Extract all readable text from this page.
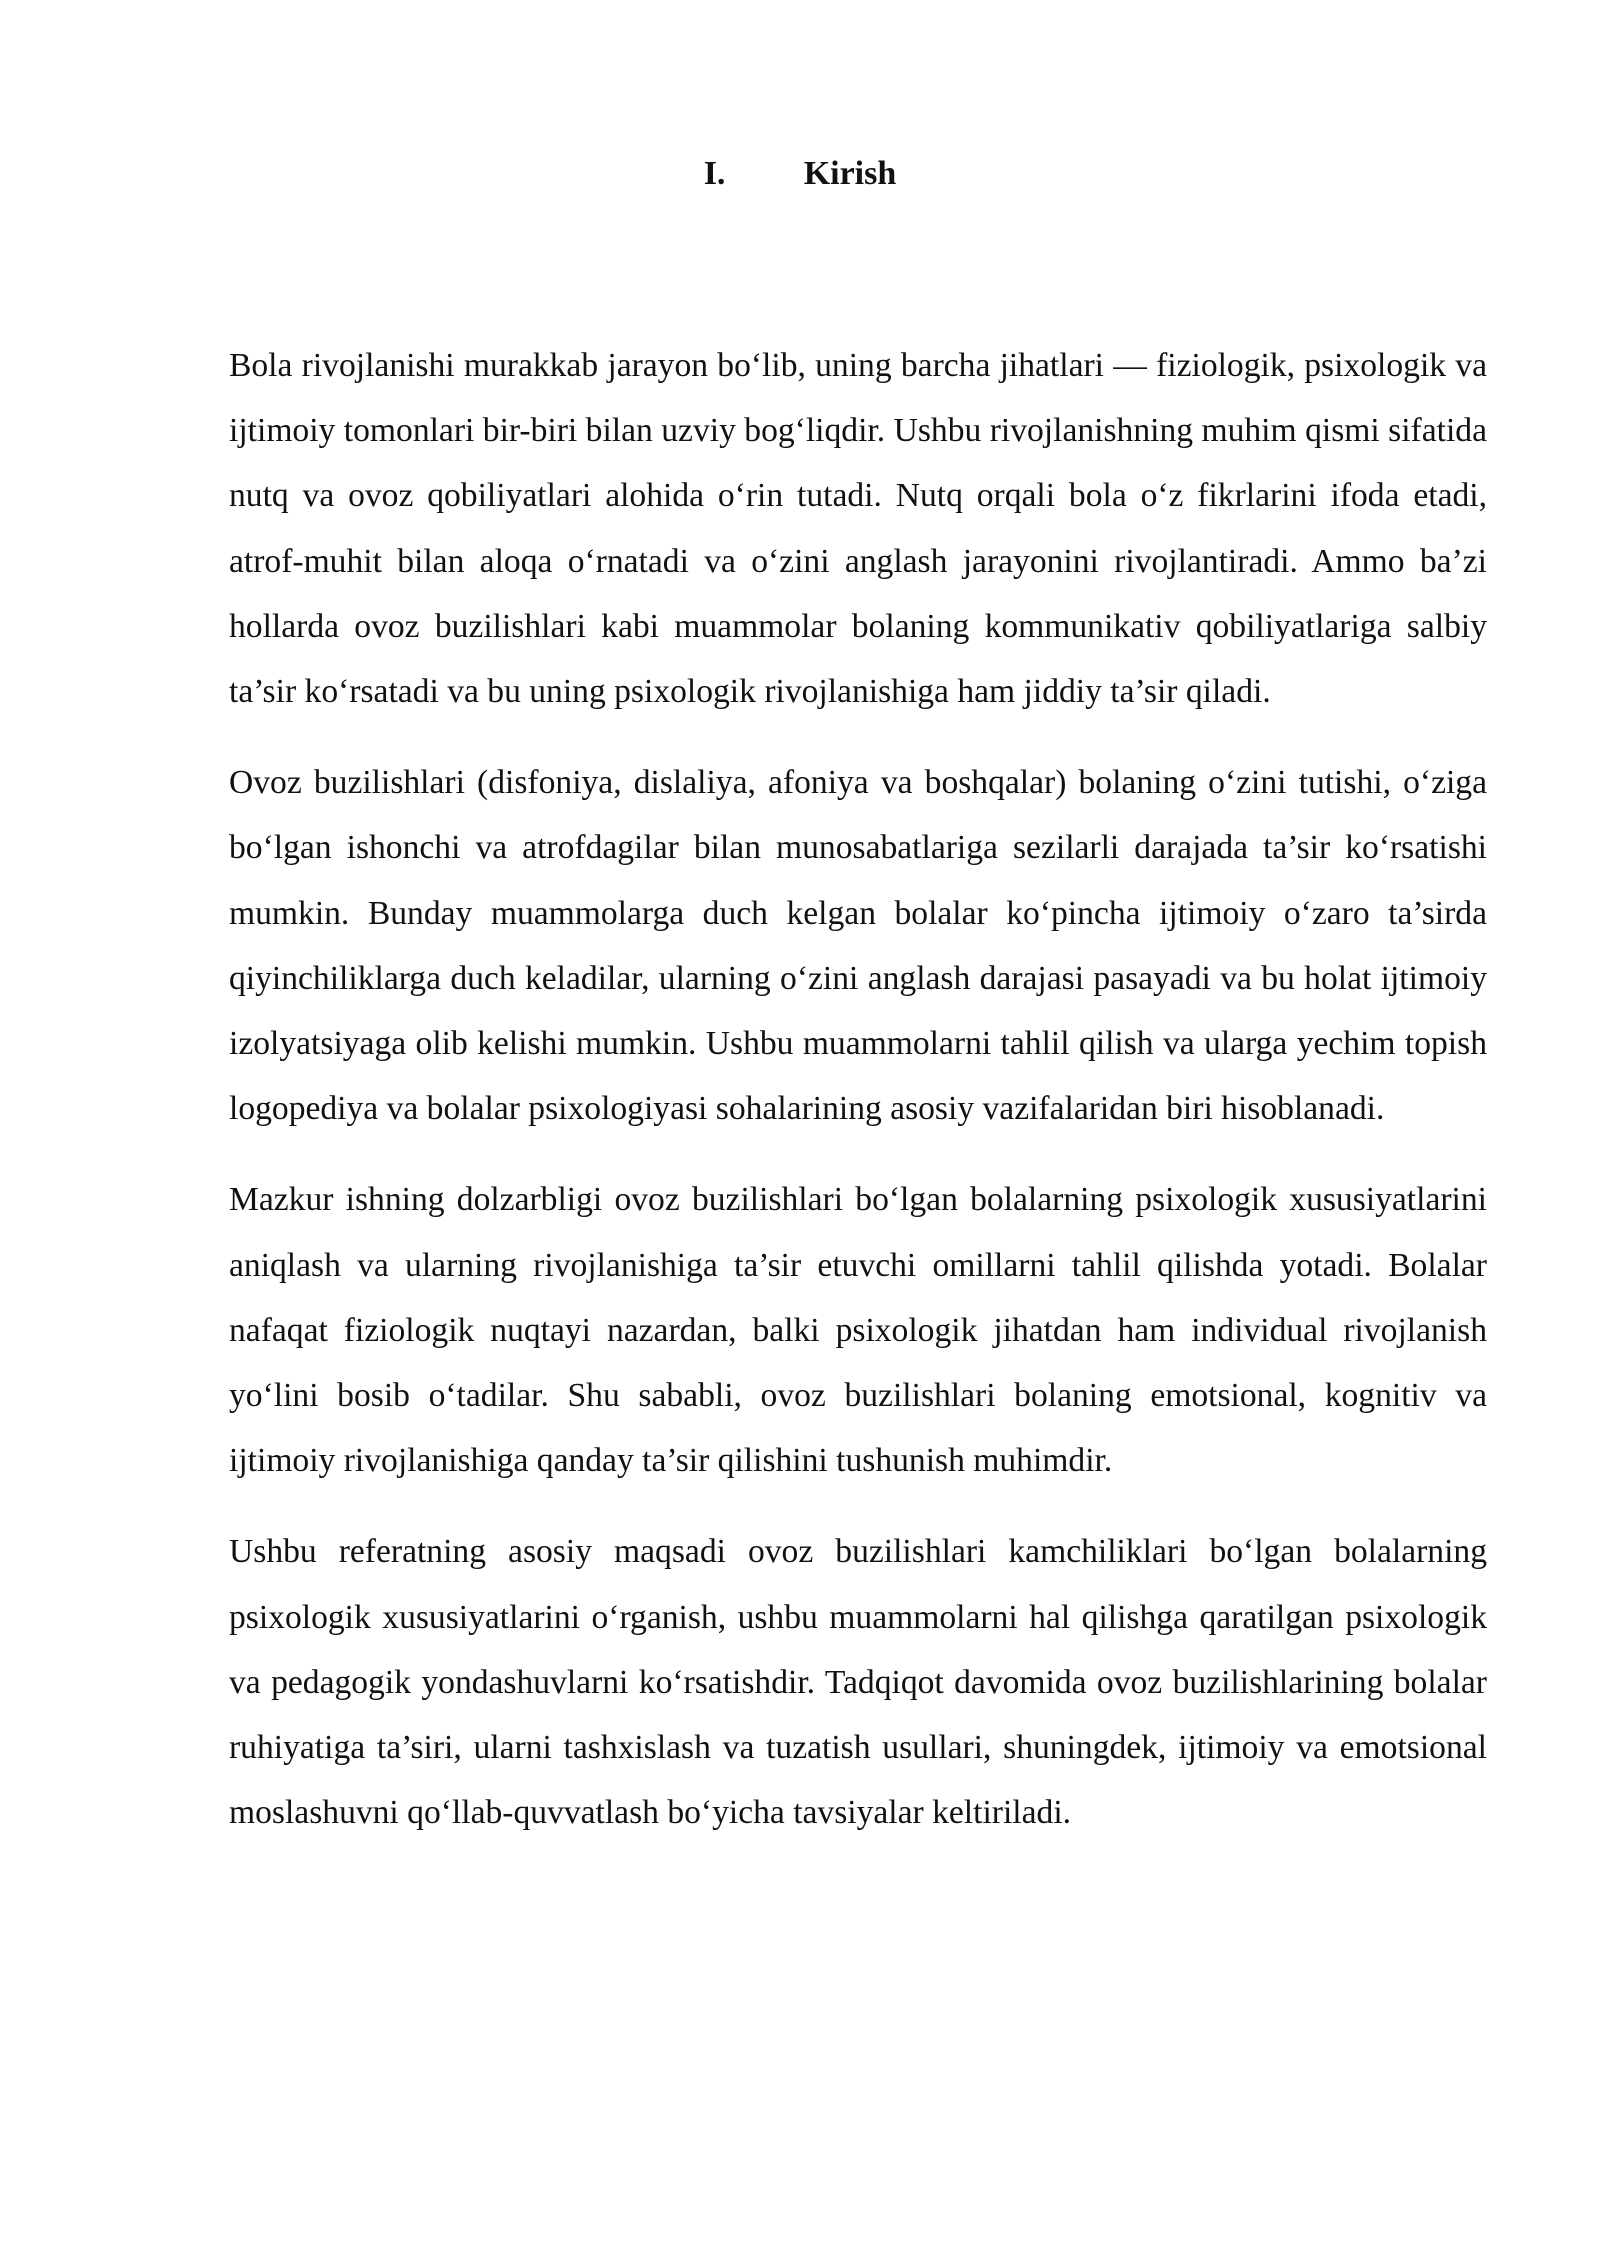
I. Kirish

Bola rivojlanishi murakkab jarayon bo‘lib, uning barcha jihatlari — fiziologik, psixologik va ijtimoiy tomonlari bir-biri bilan uzviy bog‘liqdir. Ushbu rivojlanishning muhim qismi sifatida nutq va ovoz qobiliyatlari alohida o‘rin tutadi. Nutq orqali bola o‘z fikrlarini ifoda etadi, atrof-muhit bilan aloqa o‘rnatadi va o‘zini anglash jarayonini rivojlantiradi. Ammo ba’zi hollarda ovoz buzilishlari kabi muammolar bolaning kommunikativ qobiliyatlariga salbiy ta’sir ko‘rsatadi va bu uning psixologik rivojlanishiga ham jiddiy ta’sir qiladi.

Ovoz buzilishlari (disfoniya, dislaliya, afoniya va boshqalar) bolaning o‘zini tutishi, o‘ziga bo‘lgan ishonchi va atrofdagilar bilan munosabatlariga sezilarli darajada ta’sir ko‘rsatishi mumkin. Bunday muammolarga duch kelgan bolalar ko‘pincha ijtimoiy o‘zaro ta’sirda qiyinchiliklarga duch keladilar, ularning o‘zini anglash darajasi pasayadi va bu holat ijtimoiy izolyatsiyaga olib kelishi mumkin. Ushbu muammolarni tahlil qilish va ularga yechim topish logopediya va bolalar psixologiyasi sohalarining asosiy vazifalaridan biri hisoblanadi.

Mazkur ishning dolzarbligi ovoz buzilishlari bo‘lgan bolalarning psixologik xususiyatlarini aniqlash va ularning rivojlanishiga ta’sir etuvchi omillarni tahlil qilishda yotadi. Bolalar nafaqat fiziologik nuqtayi nazardan, balki psixologik jihatdan ham individual rivojlanish yo‘lini bosib o‘tadilar. Shu sababli, ovoz buzilishlari bolaning emotsional, kognitiv va ijtimoiy rivojlanishiga qanday ta’sir qilishini tushunish muhimdir.

Ushbu referatning asosiy maqsadi ovoz buzilishlari kamchiliklari bo‘lgan bolalarning psixologik xususiyatlarini o‘rganish, ushbu muammolarni hal qilishga qaratilgan psixologik va pedagogik yondashuvlarni ko‘rsatishdir. Tadqiqot davomida ovoz buzilishlarining bolalar ruhiyatiga ta’siri, ularni tashxislash va tuzatish usullari, shuningdek, ijtimoiy va emotsional moslashuvni qo‘llab-quvvatlash bo‘yicha tavsiyalar keltiriladi.
